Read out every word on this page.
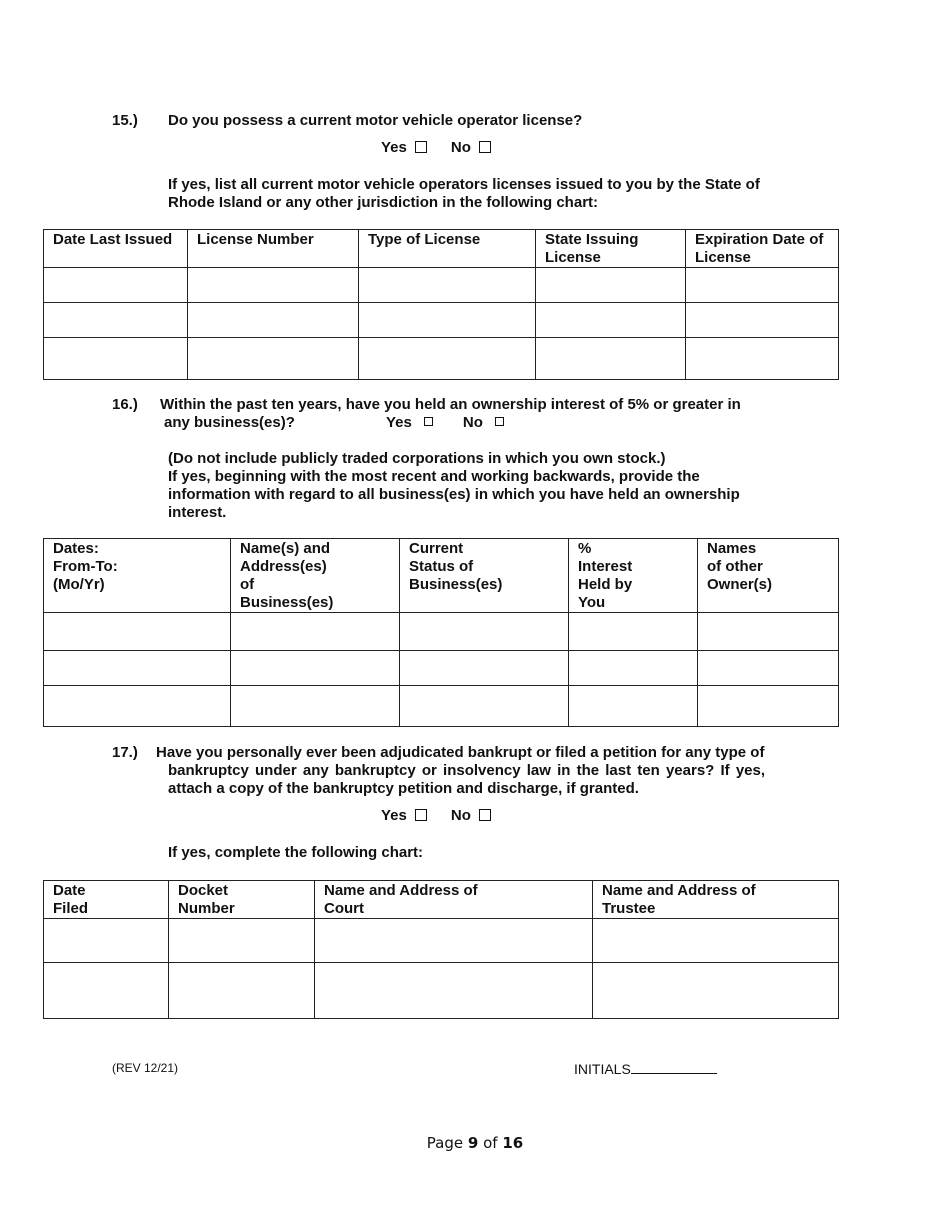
15.) Do you possess a current motor vehicle operator license?
Yes	No
If yes, list all current motor vehicle operators licenses issued to you by the State of
Rhode Island or any other jurisdiction in the following chart:
Date Last Issued	License Number	Type of License	State Issuing License	Expiration Date of License

16.) Within the past ten years, have you held an ownership interest of 5% or greater in
any business(es)?	Yes	No
(Do not include publicly traded corporations in which you own stock.)
If yes, beginning with the most recent and working backwards, provide the
information with regard to all business(es) in which you have held an ownership
interest.
Dates:
From-To:
(Mo/Yr)	Name(s) and
Address(es)
of
Business(es)	Current
Status of
Business(es)	%
Interest
Held by
You	Names
of other
Owner(s)

17.) Have you personally ever been adjudicated bankrupt or filed a petition for any type of
bankruptcy under any bankruptcy or insolvency law in the last ten years? If yes,
attach a copy of the bankruptcy petition and discharge, if granted.
Yes	No
If yes, complete the following chart:
Date
Filed	Docket
Number	Name and Address of
Court	Name and Address of
Trustee

(REV 12/21)	INITIALS
Page 9 of 16
